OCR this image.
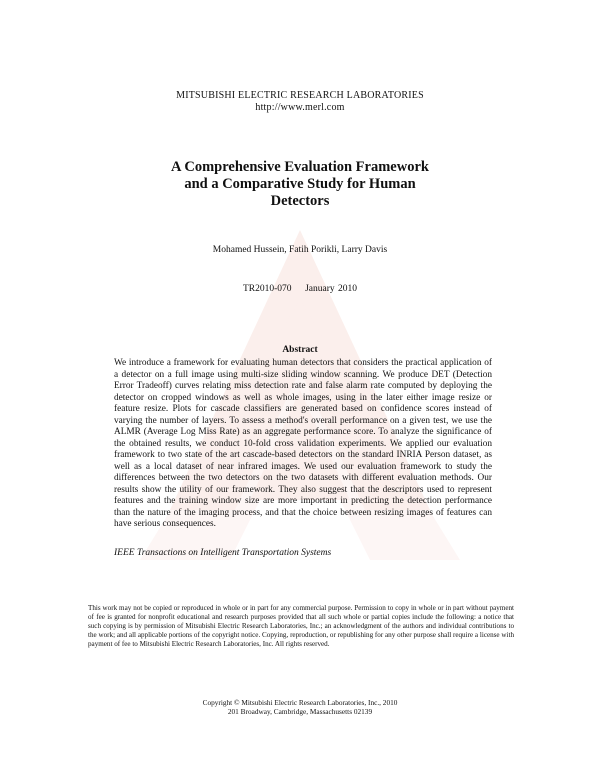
MITSUBISHI ELECTRIC RESEARCH LABORATORIES
http://www.merl.com
A Comprehensive Evaluation Framework
and a Comparative Study for Human
Detectors
Mohamed Hussein, Fatih Porikli, Larry Davis
TR2010-070 January 2010
Abstract
We introduce a framework for evaluating human detectors that considers the practical application of a detector on a full image using multi-size sliding window scanning. We produce DET (Detection Error Tradeoff) curves relating miss detection rate and false alarm rate computed by deploying the detector on cropped windows as well as whole images, using in the later either image resize or feature resize. Plots for cascade classifiers are generated based on confidence scores instead of varying the number of layers. To assess a method's overall performance on a given test, we use the ALMR (Average Log Miss Rate) as an aggregate performance score. To analyze the significance of the obtained results, we conduct 10-fold cross validation experiments. We applied our evaluation framework to two state of the art cascade-based detectors on the standard INRIA Person dataset, as well as a local dataset of near infrared images. We used our evaluation framework to study the differences between the two detectors on the two datasets with different evaluation methods. Our results show the utility of our framework. They also suggest that the descriptors used to represent features and the training window size are more important in predicting the detection performance than the nature of the imaging process, and that the choice between resizing images of features can have serious consequences.
IEEE Transactions on Intelligent Transportation Systems
This work may not be copied or reproduced in whole or in part for any commercial purpose. Permission to copy in whole or in part without payment of fee is granted for nonprofit educational and research purposes provided that all such whole or partial copies include the following: a notice that such copying is by permission of Mitsubishi Electric Research Laboratories, Inc.; an acknowledgment of the authors and individual contributions to the work; and all applicable portions of the copyright notice. Copying, reproduction, or republishing for any other purpose shall require a license with payment of fee to Mitsubishi Electric Research Laboratories, Inc. All rights reserved.
Copyright © Mitsubishi Electric Research Laboratories, Inc., 2010
201 Broadway, Cambridge, Massachusetts 02139
